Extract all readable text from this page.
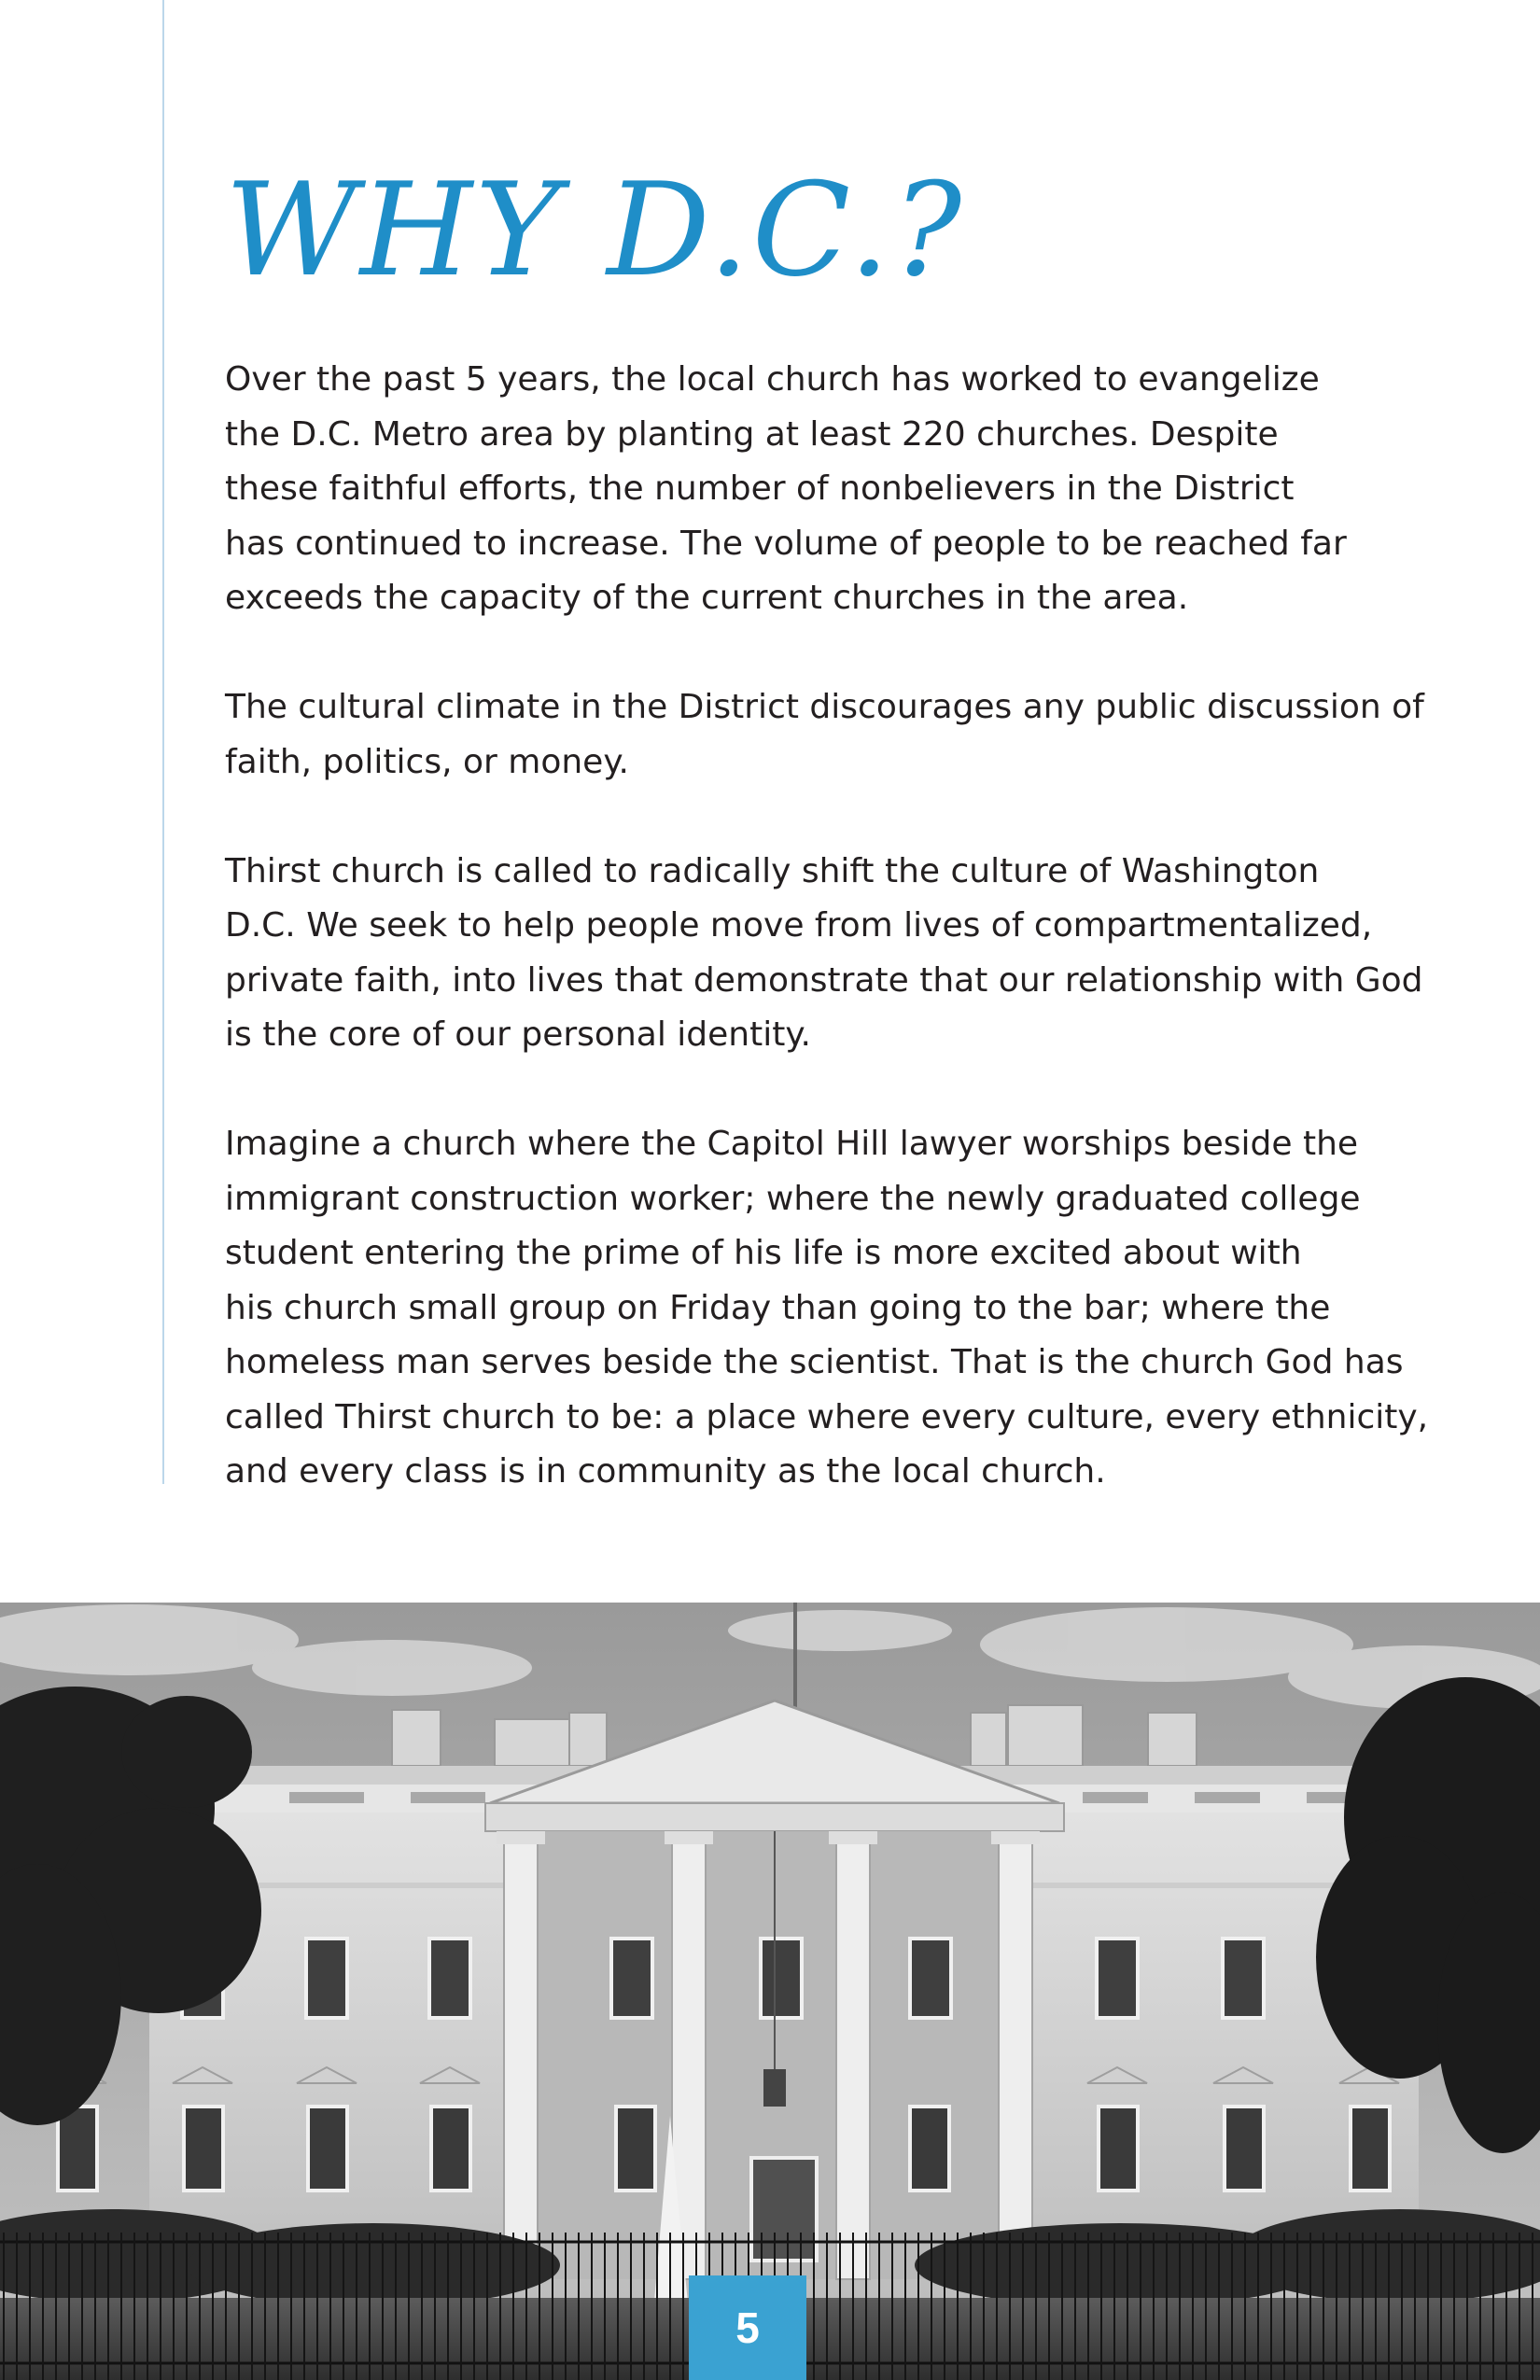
WHY D.C.?

Over the past 5 years, the local church has worked to evangelize
the D.C. Metro area by planting at least 220 churches. Despite
these faithful efforts, the number of nonbelievers in the District
has continued to increase. The volume of people to be reached far
exceeds the capacity of the current churches in the area.

The cultural climate in the District discourages any public discussion of
faith, politics, or money.

Thirst church is called to radically shift the culture of Washington
D.C. We seek to help people move from lives of compartmentalized,
private faith, into lives that demonstrate that our relationship with God
is the core of our personal identity.

Imagine a church where the Capitol Hill lawyer worships beside the
immigrant construction worker; where the newly graduated college
student entering the prime of his life is more excited about with
his church small group on Friday than going to the bar; where the
homeless man serves beside the scientist. That is the church God has
called Thirst church to be: a place where every culture, every ethnicity,
and every class is in community as the local church.

5
